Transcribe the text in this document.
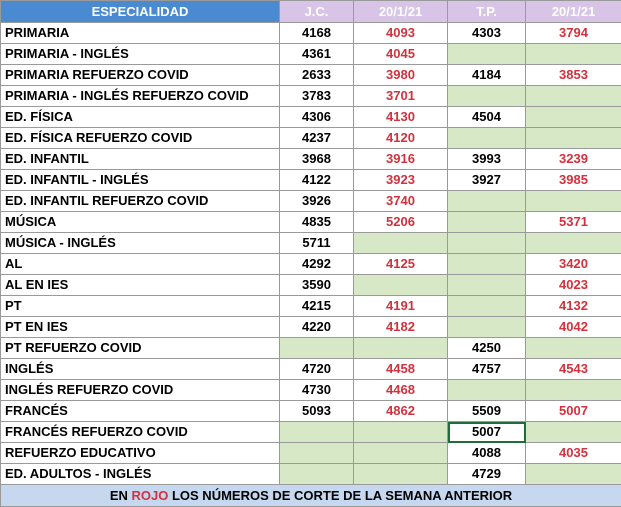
ESPECIALIDAD	J.C.	20/1/21	T.P.	20/1/21
PRIMARIA	4168	4093	4303	3794
PRIMARIA - INGLÉS	4361	4045		
PRIMARIA REFUERZO COVID	2633	3980	4184	3853
PRIMARIA - INGLÉS REFUERZO COVID	3783	3701		
ED. FÍSICA	4306	4130	4504	
ED. FÍSICA REFUERZO COVID	4237	4120		
ED. INFANTIL	3968	3916	3993	3239
ED. INFANTIL - INGLÉS	4122	3923	3927	3985
ED. INFANTIL REFUERZO COVID	3926	3740		
MÚSICA	4835	5206		5371
MÚSICA - INGLÉS	5711			
AL	4292	4125		3420
AL EN IES	3590			4023
PT	4215	4191		4132
PT EN IES	4220	4182		4042
PT REFUERZO COVID			4250	
INGLÉS	4720	4458	4757	4543
INGLÉS REFUERZO COVID	4730	4468		
FRANCÉS	5093	4862	5509	5007
FRANCÉS REFUERZO COVID			5007	
REFUERZO EDUCATIVO			4088	4035
ED. ADULTOS - INGLÉS			4729	
EN ROJO LOS NÚMEROS DE CORTE DE LA SEMANA ANTERIOR				
